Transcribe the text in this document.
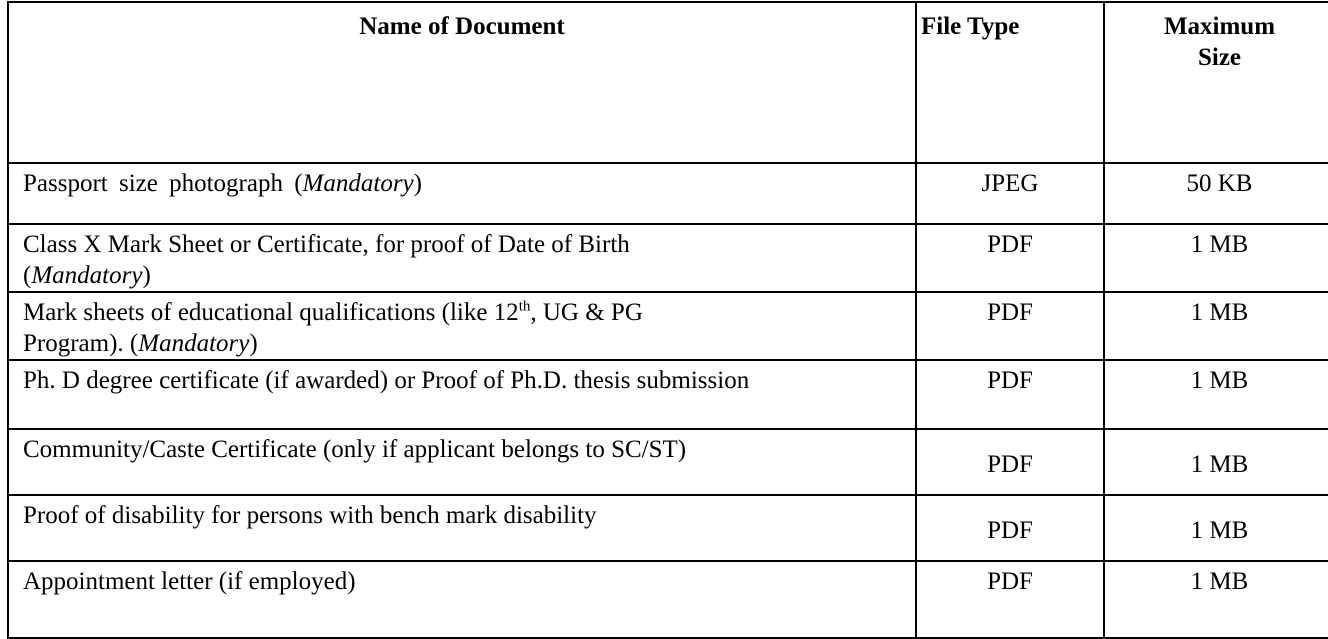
Name of Document	File Type	Maximum
Size
Passport size photograph (Mandatory)	JPEG	50 KB
Class X Mark Sheet or Certificate, for proof of Date of Birth
(Mandatory)	PDF	1 MB
Mark sheets of educational qualifications (like 12th, UG & PG
Program). (Mandatory)	PDF	1 MB
Ph. D degree certificate (if awarded) or Proof of Ph.D. thesis submission	PDF	1 MB
Community/Caste Certificate (only if applicant belongs to SC/ST)	PDF	1 MB
Proof of disability for persons with bench mark disability	PDF	1 MB
Appointment letter (if employed)	PDF	1 MB
